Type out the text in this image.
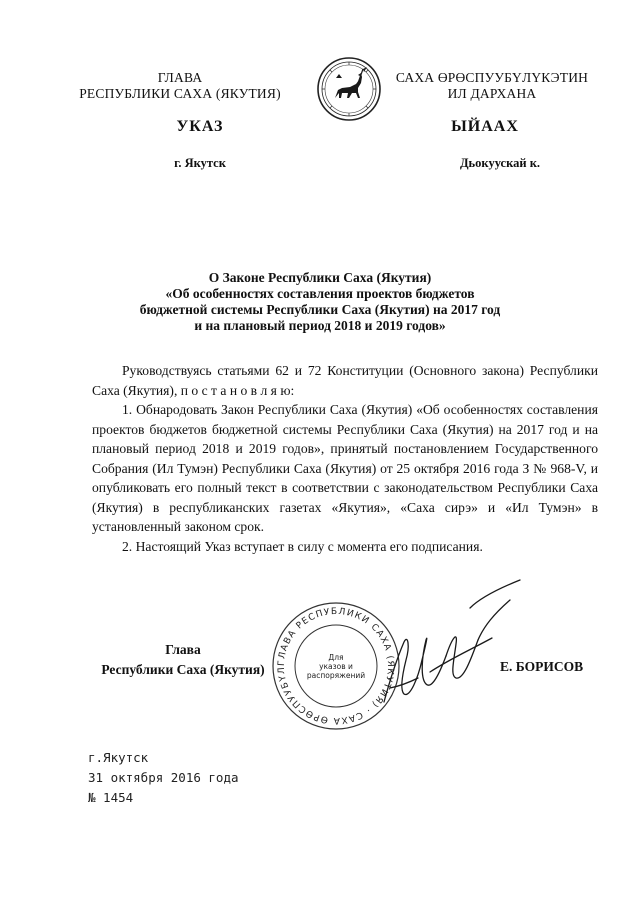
ГЛАВА
РЕСПУБЛИКИ САХА (ЯКУТИЯ)
САХА ӨРӨСПУУБҮЛҮКЭТИН
ИЛ ДАРХАНА
УКАЗ	ЫЙААХ
г. Якутск	Дьокуускай к.
О Законе Республики Саха (Якутия)
«Об особенностях составления проектов бюджетов
бюджетной системы Республики Саха (Якутия) на 2017 год
и на плановый период 2018 и 2019 годов»

Руководствуясь статьями 62 и 72 Конституции (Основного закона) Республики Саха (Якутия), п о с т а н о в л я ю:

1. Обнародовать Закон Республики Саха (Якутия) «Об особенностях составления проектов бюджетов бюджетной системы Республики Саха (Якутия) на 2017 год и на плановый период 2018 и 2019 годов», принятый постановлением Государственного Собрания (Ил Тумэн) Республики Саха (Якутия) от 25 октября 2016 года З № 968-V, и опубликовать его полный текст в соответствии с законодательством Республики Саха (Якутия) в республиканских газетах «Якутия», «Саха сирэ» и «Ил Тумэн» в установленный законом срок.

2. Настоящий Указ вступает в силу с момента его подписания.

Глава
Республики Саха (Якутия)	Е. БОРИСОВ
ГЛАВА РЕСПУБЛИКИ САХА (ЯКУТИЯ) · САХА ӨРӨСПУУБҮЛ
Для
указов и
распоряжений
г.Якутск
31 октября 2016 года
№ 1454
